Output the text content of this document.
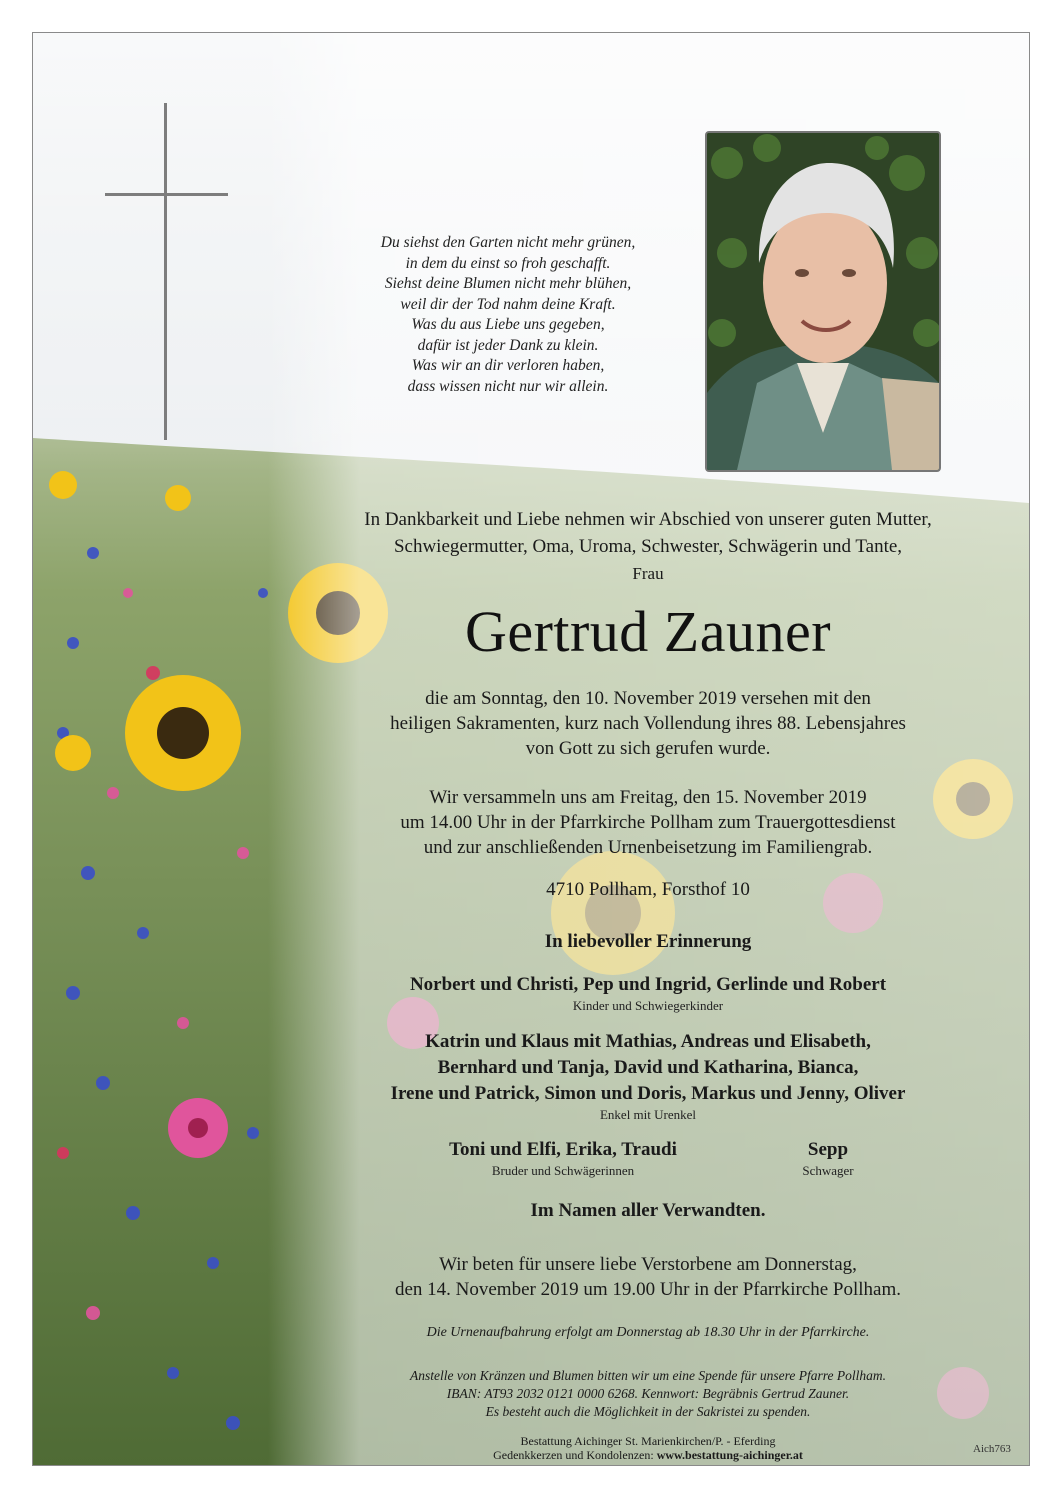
Du siehst den Garten nicht mehr grünen,
in dem du einst so froh geschafft.
Siehst deine Blumen nicht mehr blühen,
weil dir der Tod nahm deine Kraft.
Was du aus Liebe uns gegeben,
dafür ist jeder Dank zu klein.
Was wir an dir verloren haben,
dass wissen nicht nur wir allein.
In Dankbarkeit und Liebe nehmen wir Abschied von unserer guten Mutter,
Schwiegermutter, Oma, Uroma, Schwester, Schwägerin und Tante,
Frau
Gertrud Zauner
die am Sonntag, den 10. November 2019 versehen mit den
heiligen Sakramenten, kurz nach Vollendung ihres 88. Lebensjahres
von Gott zu sich gerufen wurde.
Wir versammeln uns am Freitag, den 15. November 2019
um 14.00 Uhr in der Pfarrkirche Pollham zum Trauergottesdienst
und zur anschließenden Urnenbeisetzung im Familiengrab.
4710 Pollham, Forsthof 10
In liebevoller Erinnerung
Norbert und Christi, Pep und Ingrid, Gerlinde und Robert
Kinder und Schwiegerkinder
Katrin und Klaus mit Mathias, Andreas und Elisabeth,
Bernhard und Tanja, David und Katharina, Bianca,
Irene und Patrick, Simon und Doris, Markus und Jenny, Oliver
Enkel mit Urenkel
Toni und Elfi, Erika, Traudi
Bruder und Schwägerinnen
Sepp
Schwager
Im Namen aller Verwandten.
Wir beten für unsere liebe Verstorbene am Donnerstag,
den 14. November 2019 um 19.00 Uhr in der Pfarrkirche Pollham.
Die Urnenaufbahrung erfolgt am Donnerstag ab 18.30 Uhr in der Pfarrkirche.
Anstelle von Kränzen und Blumen bitten wir um eine Spende für unsere Pfarre Pollham.
IBAN: AT93 2032 0121 0000 6268. Kennwort: Begräbnis Gertrud Zauner.
Es besteht auch die Möglichkeit in der Sakristei zu spenden.
Bestattung Aichinger St. Marienkirchen/P. - Eferding
Gedenkkerzen und Kondolenzen: www.bestattung-aichinger.at	Aich763
